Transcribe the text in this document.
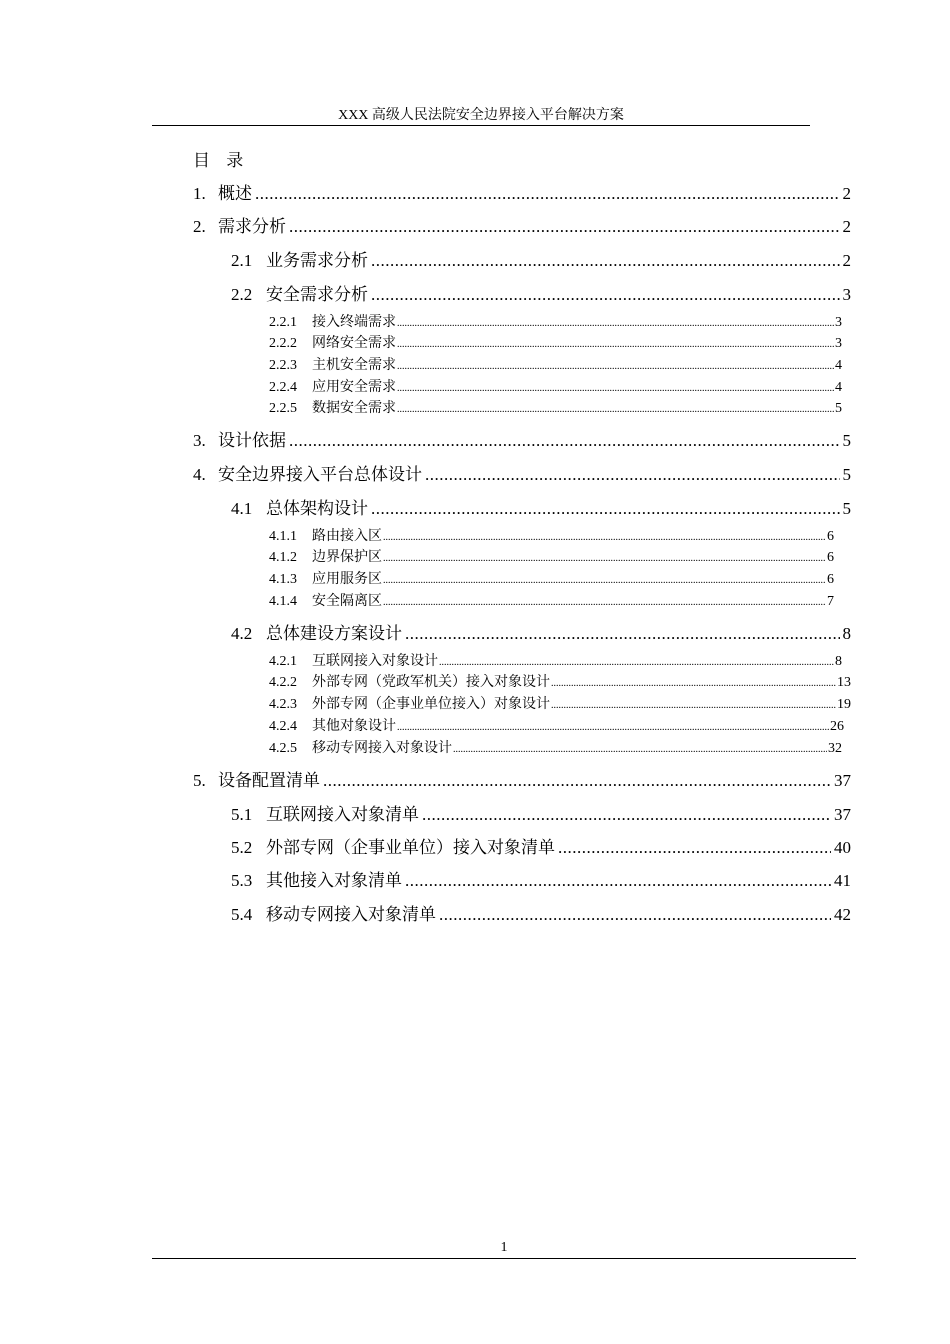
XXX 高级人民法院安全边界接入平台解决方案
目 录
1. 概述 .....	2
2. 需求分析 .....	2
2.1 业务需求分析 .....	2
2.2 安全需求分析 .....	3
2.2.1	接入终端需求 .....	3
2.2.2	网络安全需求 .....	3
2.2.3	主机安全需求 .....	4
2.2.4	应用安全需求 .....	4
2.2.5	数据安全需求 .....	5
3. 设计依据 .....	5
4. 安全边界接入平台总体设计 .....	5
4.1 总体架构设计 .....	5
4.1.1	路由接入区 .....	6
4.1.2	边界保护区 .....	6
4.1.3	应用服务区 .....	6
4.1.4	安全隔离区 .....	7
4.2 总体建设方案设计 .....	8
4.2.1	互联网接入对象设计 .....	8
4.2.2	外部专网（党政军机关）接入对象设计 .....	13
4.2.3	外部专网（企事业单位接入）对象设计 .....	19
4.2.4	其他对象设计 .....	26
4.2.5	移动专网接入对象设计 .....	32
5. 设备配置清单 .....	37
5.1 互联网接入对象清单 .....	37
5.2 外部专网（企事业单位）接入对象清单 .....	40
5.3 其他接入对象清单 .....	41
5.4 移动专网接入对象清单 .....	42
1
